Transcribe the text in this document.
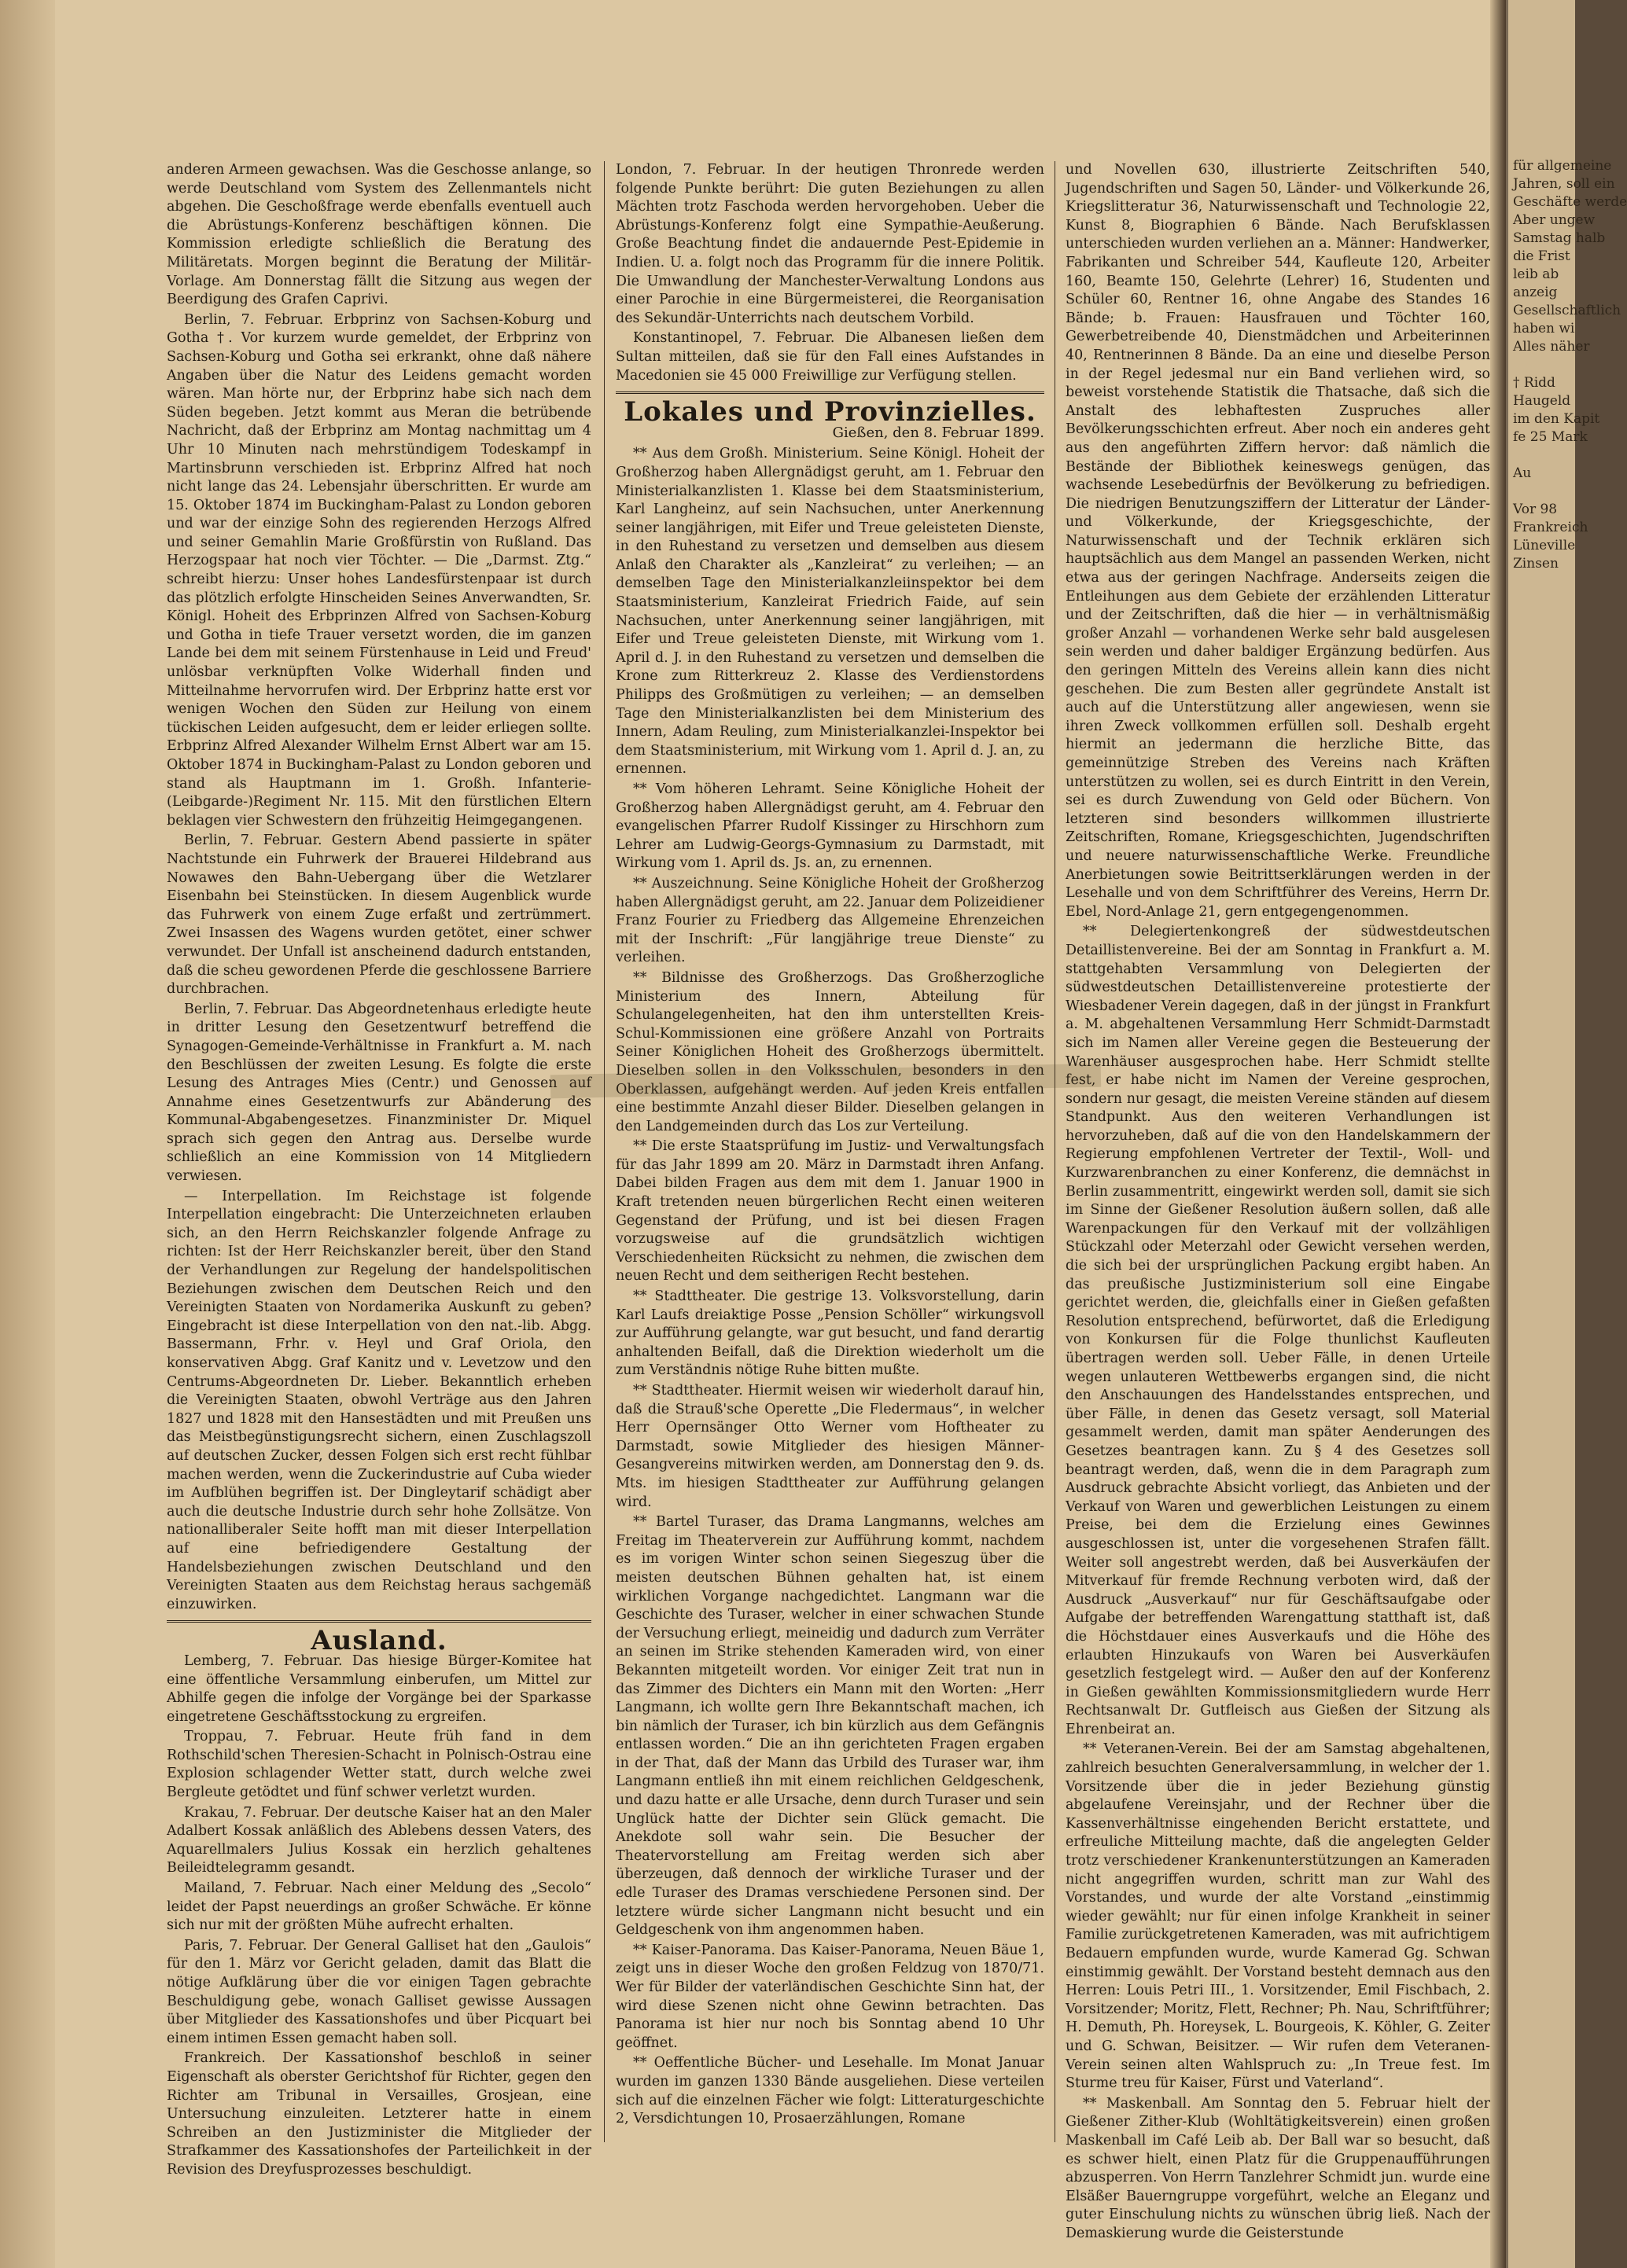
anderen Armeen gewachsen. Was die Geschosse anlange, so werde Deutschland vom System des Zellenmantels nicht abgehen. Die Geschoßfrage werde ebenfalls eventuell auch die Abrüstungs-Konferenz beschäftigen können. Die Kommission erledigte schließlich die Beratung des Militäretats. Morgen beginnt die Beratung der Militär-Vorlage. Am Donnerstag fällt die Sitzung aus wegen der Beerdigung des Grafen Caprivi.

Berlin, 7. Februar. Erbprinz von Sachsen-Koburg und Gotha †. Vor kurzem wurde gemeldet, der Erbprinz von Sachsen-Koburg und Gotha sei erkrankt, ohne daß nähere Angaben über die Natur des Leidens gemacht worden wären. Man hörte nur, der Erbprinz habe sich nach dem Süden begeben. Jetzt kommt aus Meran die betrübende Nachricht, daß der Erbprinz am Montag nachmittag um 4 Uhr 10 Minuten nach mehrstündigem Todeskampf in Martinsbrunn verschieden ist. Erbprinz Alfred hat noch nicht lange das 24. Lebensjahr überschritten. Er wurde am 15. Oktober 1874 im Buckingham-Palast zu London geboren und war der einzige Sohn des regierenden Herzogs Alfred und seiner Gemahlin Marie Großfürstin von Rußland. Das Herzogspaar hat noch vier Töchter. — Die „Darmst. Ztg.“ schreibt hierzu: Unser hohes Landesfürstenpaar ist durch das plötzlich erfolgte Hinscheiden Seines Anverwandten, Sr. Königl. Hoheit des Erbprinzen Alfred von Sachsen-Koburg und Gotha in tiefe Trauer versetzt worden, die im ganzen Lande bei dem mit seinem Fürstenhause in Leid und Freud' unlösbar verknüpften Volke Widerhall finden und Mitteilnahme hervorrufen wird. Der Erbprinz hatte erst vor wenigen Wochen den Süden zur Heilung von einem tückischen Leiden aufgesucht, dem er leider erliegen sollte. Erbprinz Alfred Alexander Wilhelm Ernst Albert war am 15. Oktober 1874 in Buckingham-Palast zu London geboren und stand als Hauptmann im 1. Großh. Infanterie-(Leibgarde-)Regiment Nr. 115. Mit den fürstlichen Eltern beklagen vier Schwestern den frühzeitig Heimgegangenen.

Berlin, 7. Februar. Gestern Abend passierte in später Nachtstunde ein Fuhrwerk der Brauerei Hildebrand aus Nowawes den Bahn-Uebergang über die Wetzlarer Eisenbahn bei Steinstücken. In diesem Augenblick wurde das Fuhrwerk von einem Zuge erfaßt und zertrümmert. Zwei Insassen des Wagens wurden getötet, einer schwer verwundet. Der Unfall ist anscheinend dadurch entstanden, daß die scheu gewordenen Pferde die geschlossene Barriere durchbrachen.

Berlin, 7. Februar. Das Abgeordnetenhaus erledigte heute in dritter Lesung den Gesetzentwurf betreffend die Synagogen-Gemeinde-Verhältnisse in Frankfurt a. M. nach den Beschlüssen der zweiten Lesung. Es folgte die erste Lesung des Antrages Mies (Centr.) und Genossen auf Annahme eines Gesetzentwurfs zur Abänderung des Kommunal-Abgabengesetzes. Finanzminister Dr. Miquel sprach sich gegen den Antrag aus. Derselbe wurde schließlich an eine Kommission von 14 Mitgliedern verwiesen.

— Interpellation. Im Reichstage ist folgende Interpellation eingebracht: Die Unterzeichneten erlauben sich, an den Herrn Reichskanzler folgende Anfrage zu richten: Ist der Herr Reichskanzler bereit, über den Stand der Verhandlungen zur Regelung der handelspolitischen Beziehungen zwischen dem Deutschen Reich und den Vereinigten Staaten von Nordamerika Auskunft zu geben? Eingebracht ist diese Interpellation von den nat.-lib. Abgg. Bassermann, Frhr. v. Heyl und Graf Oriola, den konservativen Abgg. Graf Kanitz und v. Levetzow und den Centrums-Abgeordneten Dr. Lieber. Bekanntlich erheben die Vereinigten Staaten, obwohl Verträge aus den Jahren 1827 und 1828 mit den Hansestädten und mit Preußen uns das Meistbegünstigungsrecht sichern, einen Zuschlagszoll auf deutschen Zucker, dessen Folgen sich erst recht fühlbar machen werden, wenn die Zuckerindustrie auf Cuba wieder im Aufblühen begriffen ist. Der Dingleytarif schädigt aber auch die deutsche Industrie durch sehr hohe Zollsätze. Von nationalliberaler Seite hofft man mit dieser Interpellation auf eine befriedigendere Gestaltung der Handelsbeziehungen zwischen Deutschland und den Vereinigten Staaten aus dem Reichstag heraus sachgemäß einzuwirken.

Ausland.

Lemberg, 7. Februar. Das hiesige Bürger-Komitee hat eine öffentliche Versammlung einberufen, um Mittel zur Abhilfe gegen die infolge der Vorgänge bei der Sparkasse eingetretene Geschäftsstockung zu ergreifen.

Troppau, 7. Februar. Heute früh fand in dem Rothschild'schen Theresien-Schacht in Polnisch-Ostrau eine Explosion schlagender Wetter statt, durch welche zwei Bergleute getödtet und fünf schwer verletzt wurden.

Krakau, 7. Februar. Der deutsche Kaiser hat an den Maler Adalbert Kossak anläßlich des Ablebens dessen Vaters, des Aquarellmalers Julius Kossak ein herzlich gehaltenes Beileidtelegramm gesandt.

Mailand, 7. Februar. Nach einer Meldung des „Secolo“ leidet der Papst neuerdings an großer Schwäche. Er könne sich nur mit der größten Mühe aufrecht erhalten.

Paris, 7. Februar. Der General Galliset hat den „Gaulois“ für den 1. März vor Gericht geladen, damit das Blatt die nötige Aufklärung über die vor einigen Tagen gebrachte Beschuldigung gebe, wonach Galliset gewisse Aussagen über Mitglieder des Kassationshofes und über Picquart bei einem intimen Essen gemacht haben soll.

Frankreich. Der Kassationshof beschloß in seiner Eigenschaft als oberster Gerichtshof für Richter, gegen den Richter am Tribunal in Versailles, Grosjean, eine Untersuchung einzuleiten. Letzterer hatte in einem Schreiben an den Justizminister die Mitglieder der Strafkammer des Kassationshofes der Parteilichkeit in der Revision des Dreyfusprozesses beschuldigt.

London, 7. Februar. In der heutigen Thronrede werden folgende Punkte berührt: Die guten Beziehungen zu allen Mächten trotz Faschoda werden hervorgehoben. Ueber die Abrüstungs-Konferenz folgt eine Sympathie-Aeußerung. Große Beachtung findet die andauernde Pest-Epidemie in Indien. U. a. folgt noch das Programm für die innere Politik. Die Umwandlung der Manchester-Verwaltung Londons aus einer Parochie in eine Bürgermeisterei, die Reorganisation des Sekundär-Unterrichts nach deutschem Vorbild.

Konstantinopel, 7. Februar. Die Albanesen ließen dem Sultan mitteilen, daß sie für den Fall eines Aufstandes in Macedonien sie 45 000 Freiwillige zur Verfügung stellen.

Lokales und Provinzielles.
Gießen, den 8. Februar 1899.

** Aus dem Großh. Ministerium. Seine Königl. Hoheit der Großherzog haben Allergnädigst geruht, am 1. Februar den Ministerialkanzlisten 1. Klasse bei dem Staatsministerium, Karl Langheinz, auf sein Nachsuchen, unter Anerkennung seiner langjährigen, mit Eifer und Treue geleisteten Dienste, in den Ruhestand zu versetzen und demselben aus diesem Anlaß den Charakter als „Kanzleirat“ zu verleihen; — an demselben Tage den Ministerialkanzleiinspektor bei dem Staatsministerium, Kanzleirat Friedrich Faide, auf sein Nachsuchen, unter Anerkennung seiner langjährigen, mit Eifer und Treue geleisteten Dienste, mit Wirkung vom 1. April d. J. in den Ruhestand zu versetzen und demselben die Krone zum Ritterkreuz 2. Klasse des Verdienstordens Philipps des Großmütigen zu verleihen; — an demselben Tage den Ministerialkanzlisten bei dem Ministerium des Innern, Adam Reuling, zum Ministerialkanzlei-Inspektor bei dem Staatsministerium, mit Wirkung vom 1. April d. J. an, zu ernennen.

** Vom höheren Lehramt. Seine Königliche Hoheit der Großherzog haben Allergnädigst geruht, am 4. Februar den evangelischen Pfarrer Rudolf Kissinger zu Hirschhorn zum Lehrer am Ludwig-Georgs-Gymnasium zu Darmstadt, mit Wirkung vom 1. April ds. Js. an, zu ernennen.

** Auszeichnung. Seine Königliche Hoheit der Großherzog haben Allergnädigst geruht, am 22. Januar dem Polizeidiener Franz Fourier zu Friedberg das Allgemeine Ehrenzeichen mit der Inschrift: „Für langjährige treue Dienste“ zu verleihen.

** Bildnisse des Großherzogs. Das Großherzogliche Ministerium des Innern, Abteilung für Schulangelegenheiten, hat den ihm unterstellten Kreis-Schul-Kommissionen eine größere Anzahl von Portraits Seiner Königlichen Hoheit des Großherzogs übermittelt. Dieselben sollen in den Volksschulen, besonders in den Oberklassen, aufgehängt werden. Auf jeden Kreis entfallen eine bestimmte Anzahl dieser Bilder. Dieselben gelangen in den Landgemeinden durch das Los zur Verteilung.

** Die erste Staatsprüfung im Justiz- und Verwaltungsfach für das Jahr 1899 am 20. März in Darmstadt ihren Anfang. Dabei bilden Fragen aus dem mit dem 1. Januar 1900 in Kraft tretenden neuen bürgerlichen Recht einen weiteren Gegenstand der Prüfung, und ist bei diesen Fragen vorzugsweise auf die grundsätzlich wichtigen Verschiedenheiten Rücksicht zu nehmen, die zwischen dem neuen Recht und dem seitherigen Recht bestehen.

** Stadttheater. Die gestrige 13. Volksvorstellung, darin Karl Laufs dreiaktige Posse „Pension Schöller“ wirkungsvoll zur Aufführung gelangte, war gut besucht, und fand derartig anhaltenden Beifall, daß die Direktion wiederholt um die zum Verständnis nötige Ruhe bitten mußte.

** Stadttheater. Hiermit weisen wir wiederholt darauf hin, daß die Strauß'sche Operette „Die Fledermaus“, in welcher Herr Opernsänger Otto Werner vom Hoftheater zu Darmstadt, sowie Mitglieder des hiesigen Männer-Gesangvereins mitwirken werden, am Donnerstag den 9. ds. Mts. im hiesigen Stadttheater zur Aufführung gelangen wird.

** Bartel Turaser, das Drama Langmanns, welches am Freitag im Theaterverein zur Aufführung kommt, nachdem es im vorigen Winter schon seinen Siegeszug über die meisten deutschen Bühnen gehalten hat, ist einem wirklichen Vorgange nachgedichtet. Langmann war die Geschichte des Turaser, welcher in einer schwachen Stunde der Versuchung erliegt, meineidig und dadurch zum Verräter an seinen im Strike stehenden Kameraden wird, von einer Bekannten mitgeteilt worden. Vor einiger Zeit trat nun in das Zimmer des Dichters ein Mann mit den Worten: „Herr Langmann, ich wollte gern Ihre Bekanntschaft machen, ich bin nämlich der Turaser, ich bin kürzlich aus dem Gefängnis entlassen worden.“ Die an ihn gerichteten Fragen ergaben in der That, daß der Mann das Urbild des Turaser war, ihm Langmann entließ ihn mit einem reichlichen Geldgeschenk, und dazu hatte er alle Ursache, denn durch Turaser und sein Unglück hatte der Dichter sein Glück gemacht. Die Anekdote soll wahr sein. Die Besucher der Theatervorstellung am Freitag werden sich aber überzeugen, daß dennoch der wirkliche Turaser und der edle Turaser des Dramas verschiedene Personen sind. Der letztere würde sicher Langmann nicht besucht und ein Geldgeschenk von ihm angenommen haben.

** Kaiser-Panorama. Das Kaiser-Panorama, Neuen Bäue 1, zeigt uns in dieser Woche den großen Feldzug von 1870/71. Wer für Bilder der vaterländischen Geschichte Sinn hat, der wird diese Szenen nicht ohne Gewinn betrachten. Das Panorama ist hier nur noch bis Sonntag abend 10 Uhr geöffnet.

** Oeffentliche Bücher- und Lesehalle. Im Monat Januar wurden im ganzen 1330 Bände ausgeliehen. Diese verteilen sich auf die einzelnen Fächer wie folgt: Litteraturgeschichte 2, Versdichtungen 10, Prosaerzählungen, Romane

und Novellen 630, illustrierte Zeitschriften 540, Jugendschriften und Sagen 50, Länder- und Völkerkunde 26, Kriegslitteratur 36, Naturwissenschaft und Technologie 22, Kunst 8, Biographien 6 Bände. Nach Berufsklassen unterschieden wurden verliehen an a. Männer: Handwerker, Fabrikanten und Schreiber 544, Kaufleute 120, Arbeiter 160, Beamte 150, Gelehrte (Lehrer) 16, Studenten und Schüler 60, Rentner 16, ohne Angabe des Standes 16 Bände; b. Frauen: Hausfrauen und Töchter 160, Gewerbetreibende 40, Dienstmädchen und Arbeiterinnen 40, Rentnerinnen 8 Bände. Da an eine und dieselbe Person in der Regel jedesmal nur ein Band verliehen wird, so beweist vorstehende Statistik die Thatsache, daß sich die Anstalt des lebhaftesten Zuspruches aller Bevölkerungsschichten erfreut. Aber noch ein anderes geht aus den angeführten Ziffern hervor: daß nämlich die Bestände der Bibliothek keineswegs genügen, das wachsende Lesebedürfnis der Bevölkerung zu befriedigen. Die niedrigen Benutzungsziffern der Litteratur der Länder- und Völkerkunde, der Kriegsgeschichte, der Naturwissenschaft und der Technik erklären sich hauptsächlich aus dem Mangel an passenden Werken, nicht etwa aus der geringen Nachfrage. Anderseits zeigen die Entleihungen aus dem Gebiete der erzählenden Litteratur und der Zeitschriften, daß die hier — in verhältnismäßig großer Anzahl — vorhandenen Werke sehr bald ausgelesen sein werden und daher baldiger Ergänzung bedürfen. Aus den geringen Mitteln des Vereins allein kann dies nicht geschehen. Die zum Besten aller gegründete Anstalt ist auch auf die Unterstützung aller angewiesen, wenn sie ihren Zweck vollkommen erfüllen soll. Deshalb ergeht hiermit an jedermann die herzliche Bitte, das gemeinnützige Streben des Vereins nach Kräften unterstützen zu wollen, sei es durch Eintritt in den Verein, sei es durch Zuwendung von Geld oder Büchern. Von letzteren sind besonders willkommen illustrierte Zeitschriften, Romane, Kriegsgeschichten, Jugendschriften und neuere naturwissenschaftliche Werke. Freundliche Anerbietungen sowie Beitrittserklärungen werden in der Lesehalle und von dem Schriftführer des Vereins, Herrn Dr. Ebel, Nord-Anlage 21, gern entgegengenommen.

** Delegiertenkongreß der südwestdeutschen Detaillistenvereine. Bei der am Sonntag in Frankfurt a. M. stattgehabten Versammlung von Delegierten der südwestdeutschen Detaillistenvereine protestierte der Wiesbadener Verein dagegen, daß in der jüngst in Frankfurt a. M. abgehaltenen Versammlung Herr Schmidt-Darmstadt sich im Namen aller Vereine gegen die Besteuerung der Warenhäuser ausgesprochen habe. Herr Schmidt stellte fest, er habe nicht im Namen der Vereine gesprochen, sondern nur gesagt, die meisten Vereine ständen auf diesem Standpunkt. Aus den weiteren Verhandlungen ist hervorzuheben, daß auf die von den Handelskammern der Regierung empfohlenen Vertreter der Textil-, Woll- und Kurzwarenbranchen zu einer Konferenz, die demnächst in Berlin zusammentritt, eingewirkt werden soll, damit sie sich im Sinne der Gießener Resolution äußern sollen, daß alle Warenpackungen für den Verkauf mit der vollzähligen Stückzahl oder Meterzahl oder Gewicht versehen werden, die sich bei der ursprünglichen Packung ergibt haben. An das preußische Justizministerium soll eine Eingabe gerichtet werden, die, gleichfalls einer in Gießen gefaßten Resolution entsprechend, befürwortet, daß die Erledigung von Konkursen für die Folge thunlichst Kaufleuten übertragen werden soll. Ueber Fälle, in denen Urteile wegen unlauteren Wettbewerbs ergangen sind, die nicht den Anschauungen des Handelsstandes entsprechen, und über Fälle, in denen das Gesetz versagt, soll Material gesammelt werden, damit man später Aenderungen des Gesetzes beantragen kann. Zu § 4 des Gesetzes soll beantragt werden, daß, wenn die in dem Paragraph zum Ausdruck gebrachte Absicht vorliegt, das Anbieten und der Verkauf von Waren und gewerblichen Leistungen zu einem Preise, bei dem die Erzielung eines Gewinnes ausgeschlossen ist, unter die vorgesehenen Strafen fällt. Weiter soll angestrebt werden, daß bei Ausverkäufen der Mitverkauf für fremde Rechnung verboten wird, daß der Ausdruck „Ausverkauf“ nur für Geschäftsaufgabe oder Aufgabe der betreffenden Warengattung statthaft ist, daß die Höchstdauer eines Ausverkaufs und die Höhe des erlaubten Hinzukaufs von Waren bei Ausverkäufen gesetzlich festgelegt wird. — Außer den auf der Konferenz in Gießen gewählten Kommissionsmitgliedern wurde Herr Rechtsanwalt Dr. Gutfleisch aus Gießen der Sitzung als Ehrenbeirat an.

** Veteranen-Verein. Bei der am Samstag abgehaltenen, zahlreich besuchten Generalversammlung, in welcher der 1. Vorsitzende über die in jeder Beziehung günstig abgelaufene Vereinsjahr, und der Rechner über die Kassenverhältnisse eingehenden Bericht erstattete, und erfreuliche Mitteilung machte, daß die angelegten Gelder trotz verschiedener Krankenunterstützungen an Kameraden nicht angegriffen wurden, schritt man zur Wahl des Vorstandes, und wurde der alte Vorstand „einstimmig wieder gewählt; nur für einen infolge Krankheit in seiner Familie zurückgetretenen Kameraden, was mit aufrichtigem Bedauern empfunden wurde, wurde Kamerad Gg. Schwan einstimmig gewählt. Der Vorstand besteht demnach aus den Herren: Louis Petri III., 1. Vorsitzender, Emil Fischbach, 2. Vorsitzender; Moritz, Flett, Rechner; Ph. Nau, Schriftführer; H. Demuth, Ph. Horeysek, L. Bourgeois, K. Köhler, G. Zeiter und G. Schwan, Beisitzer. — Wir rufen dem Veteranen-Verein seinen alten Wahlspruch zu: „In Treue fest. Im Sturme treu für Kaiser, Fürst und Vaterland“.

** Maskenball. Am Sonntag den 5. Februar hielt der Gießener Zither-Klub (Wohltätigkeitsverein) einen großen Maskenball im Café Leib ab. Der Ball war so besucht, daß es schwer hielt, einen Platz für die Gruppenaufführungen abzusperren. Von Herrn Tanzlehrer Schmidt jun. wurde eine Elsäßer Bauerngruppe vorgeführt, welche an Eleganz und guter Einschulung nichts zu wünschen übrig ließ. Nach der Demaskierung wurde die Geisterstunde

für allgemeine
Jahren, soll ein
Geschäfte werde
Aber ungew
Samstag halb
die Frist
leib ab
anzeig
Gesellschaftlich
haben wi
Alles näher

† Ridd
Haugeld
im den Kapit
fe 25 Mark

Au

Vor 98
Frankreich
Lüneville
Zinsen
